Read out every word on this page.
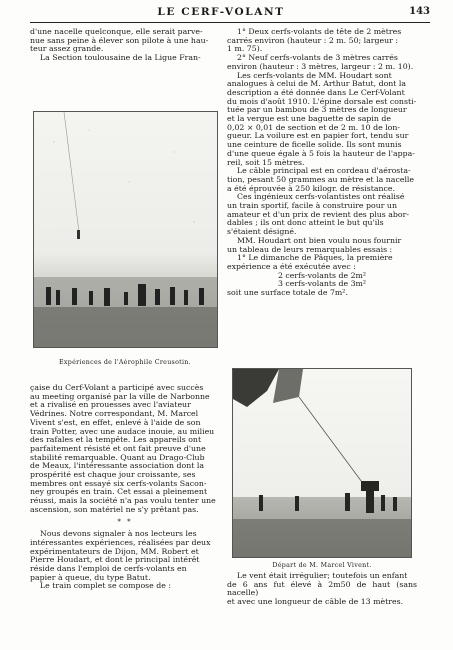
LE CERF-VOLANT	143

d'une nacelle quelconque, elle serait parve-

nue sans peine à élever son pilote à une hau-

teur assez grande.

La Section toulousaine de la Ligue Fran-

Expériences de l'Aérophile Creusotin.

çaise du Cerf-Volant a participé avec succès

au meeting organisé par la ville de Narbonne

et a rivalisé en prouesses avec l'aviateur

Védrines. Notre correspondant, M. Marcel

Vivent s'est, en effet, enlevé à l'aide de son

train Potter, avec une audace inouie, au milieu

des rafales et la tempête. Les appareils ont

parfaitement résisté et ont fait preuve d'une

stabilité remarquable. Quant au Drago-Club

de Meaux, l'intéressante association dont la

prospérité est chaque jour croissante, ses

membres ont essayé six cerfs-volants Sacon-

ney groupés en train. Cet essai a pleinement

réussi, mais la société n'a pas voulu tenter une

ascension, son matériel ne s'y prêtant pas.

* *

Nous devons signaler à nos lecteurs les

intéressantes expériences, réalisées par deux

expérimentateurs de Dijon, MM. Robert et

Pierre Houdart, et dont le principal intérêt

réside dans l'emploi de cerfs-volants en

papier à queue, du type Batut.

Le train complet se compose de :

1° Deux cerfs-volants de tête de 2 mètres

carrés environ (hauteur : 2 m. 50; largeur :

1 m. 75).

2° Neuf cerfs-volants de 3 mètres carrés

environ (hauteur : 3 mètres, largeur : 2 m. 10).

Les cerfs-volants de MM. Houdart sont

analogues à celui de M. Arthur Batut, dont la

description a été donnée dans Le Cerf-Volant

du mois d'août 1910. L'épine dorsale est consti-

tuée par un bambou de 3 mètres de longueur

et la vergue est une baguette de sapin de

0,02 × 0,01 de section et de 2 m. 10 de lon-

gueur. La voilure est en papier fort, tendu sur

une ceinture de ficelle solide. Ils sont munis

d'une queue égale à 5 fois la hauteur de l'appa-

reil, soit 15 mètres.

Le câble principal est en cordeau d'aérosta-

tion, pesant 50 grammes au mètre et la nacelle

a été éprouvée à 250 kilogr. de résistance.

Ces ingénieux cerfs-volantistes ont réalisé

un train sportif, facile à construire pour un

amateur et d'un prix de revient des plus abor-

dables ; ils ont donc atteint le but qu'ils

s'étaient désigné.

MM. Houdart ont bien voulu nous fournir

un tableau de leurs remarquables essais :

1° Le dimanche de Pâques, la première

expérience a été exécutée avec :

2 cerfs-volants de 2m²

3 cerfs-volants de 3m²

soit une surface totale de 7m².

Départ de M. Marcel Vivent.

Le vent était irrégulier; toutefois un enfant

de 6 ans fut élevé à 2m50 de haut (sans nacelle)

et avec une longueur de câble de 13 mètres.
